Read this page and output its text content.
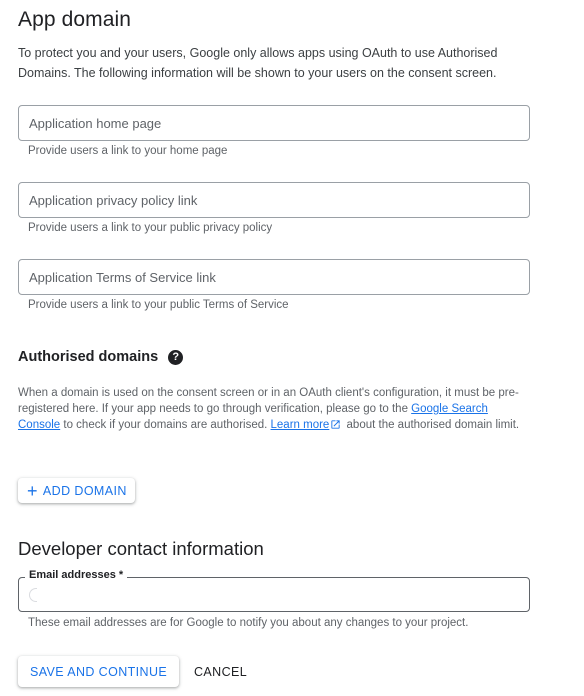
App domain
To protect you and your users, Google only allows apps using OAuth to use Authorised Domains. The following information will be shown to your users on the consent screen.
Application home page
Provide users a link to your home page
Application privacy policy link
Provide users a link to your public privacy policy
Application Terms of Service link
Provide users a link to your public Terms of Service
Authorised domains	?
When a domain is used on the consent screen or in an OAuth client's configuration, it must be pre-registered here. If your app needs to go through verification, please go to the Google Search Console to check if your domains are authorised. Learn more about the authorised domain limit.
+ ADD DOMAIN
Developer contact information
Email addresses *
These email addresses are for Google to notify you about any changes to your project.
SAVE AND CONTINUE	CANCEL
